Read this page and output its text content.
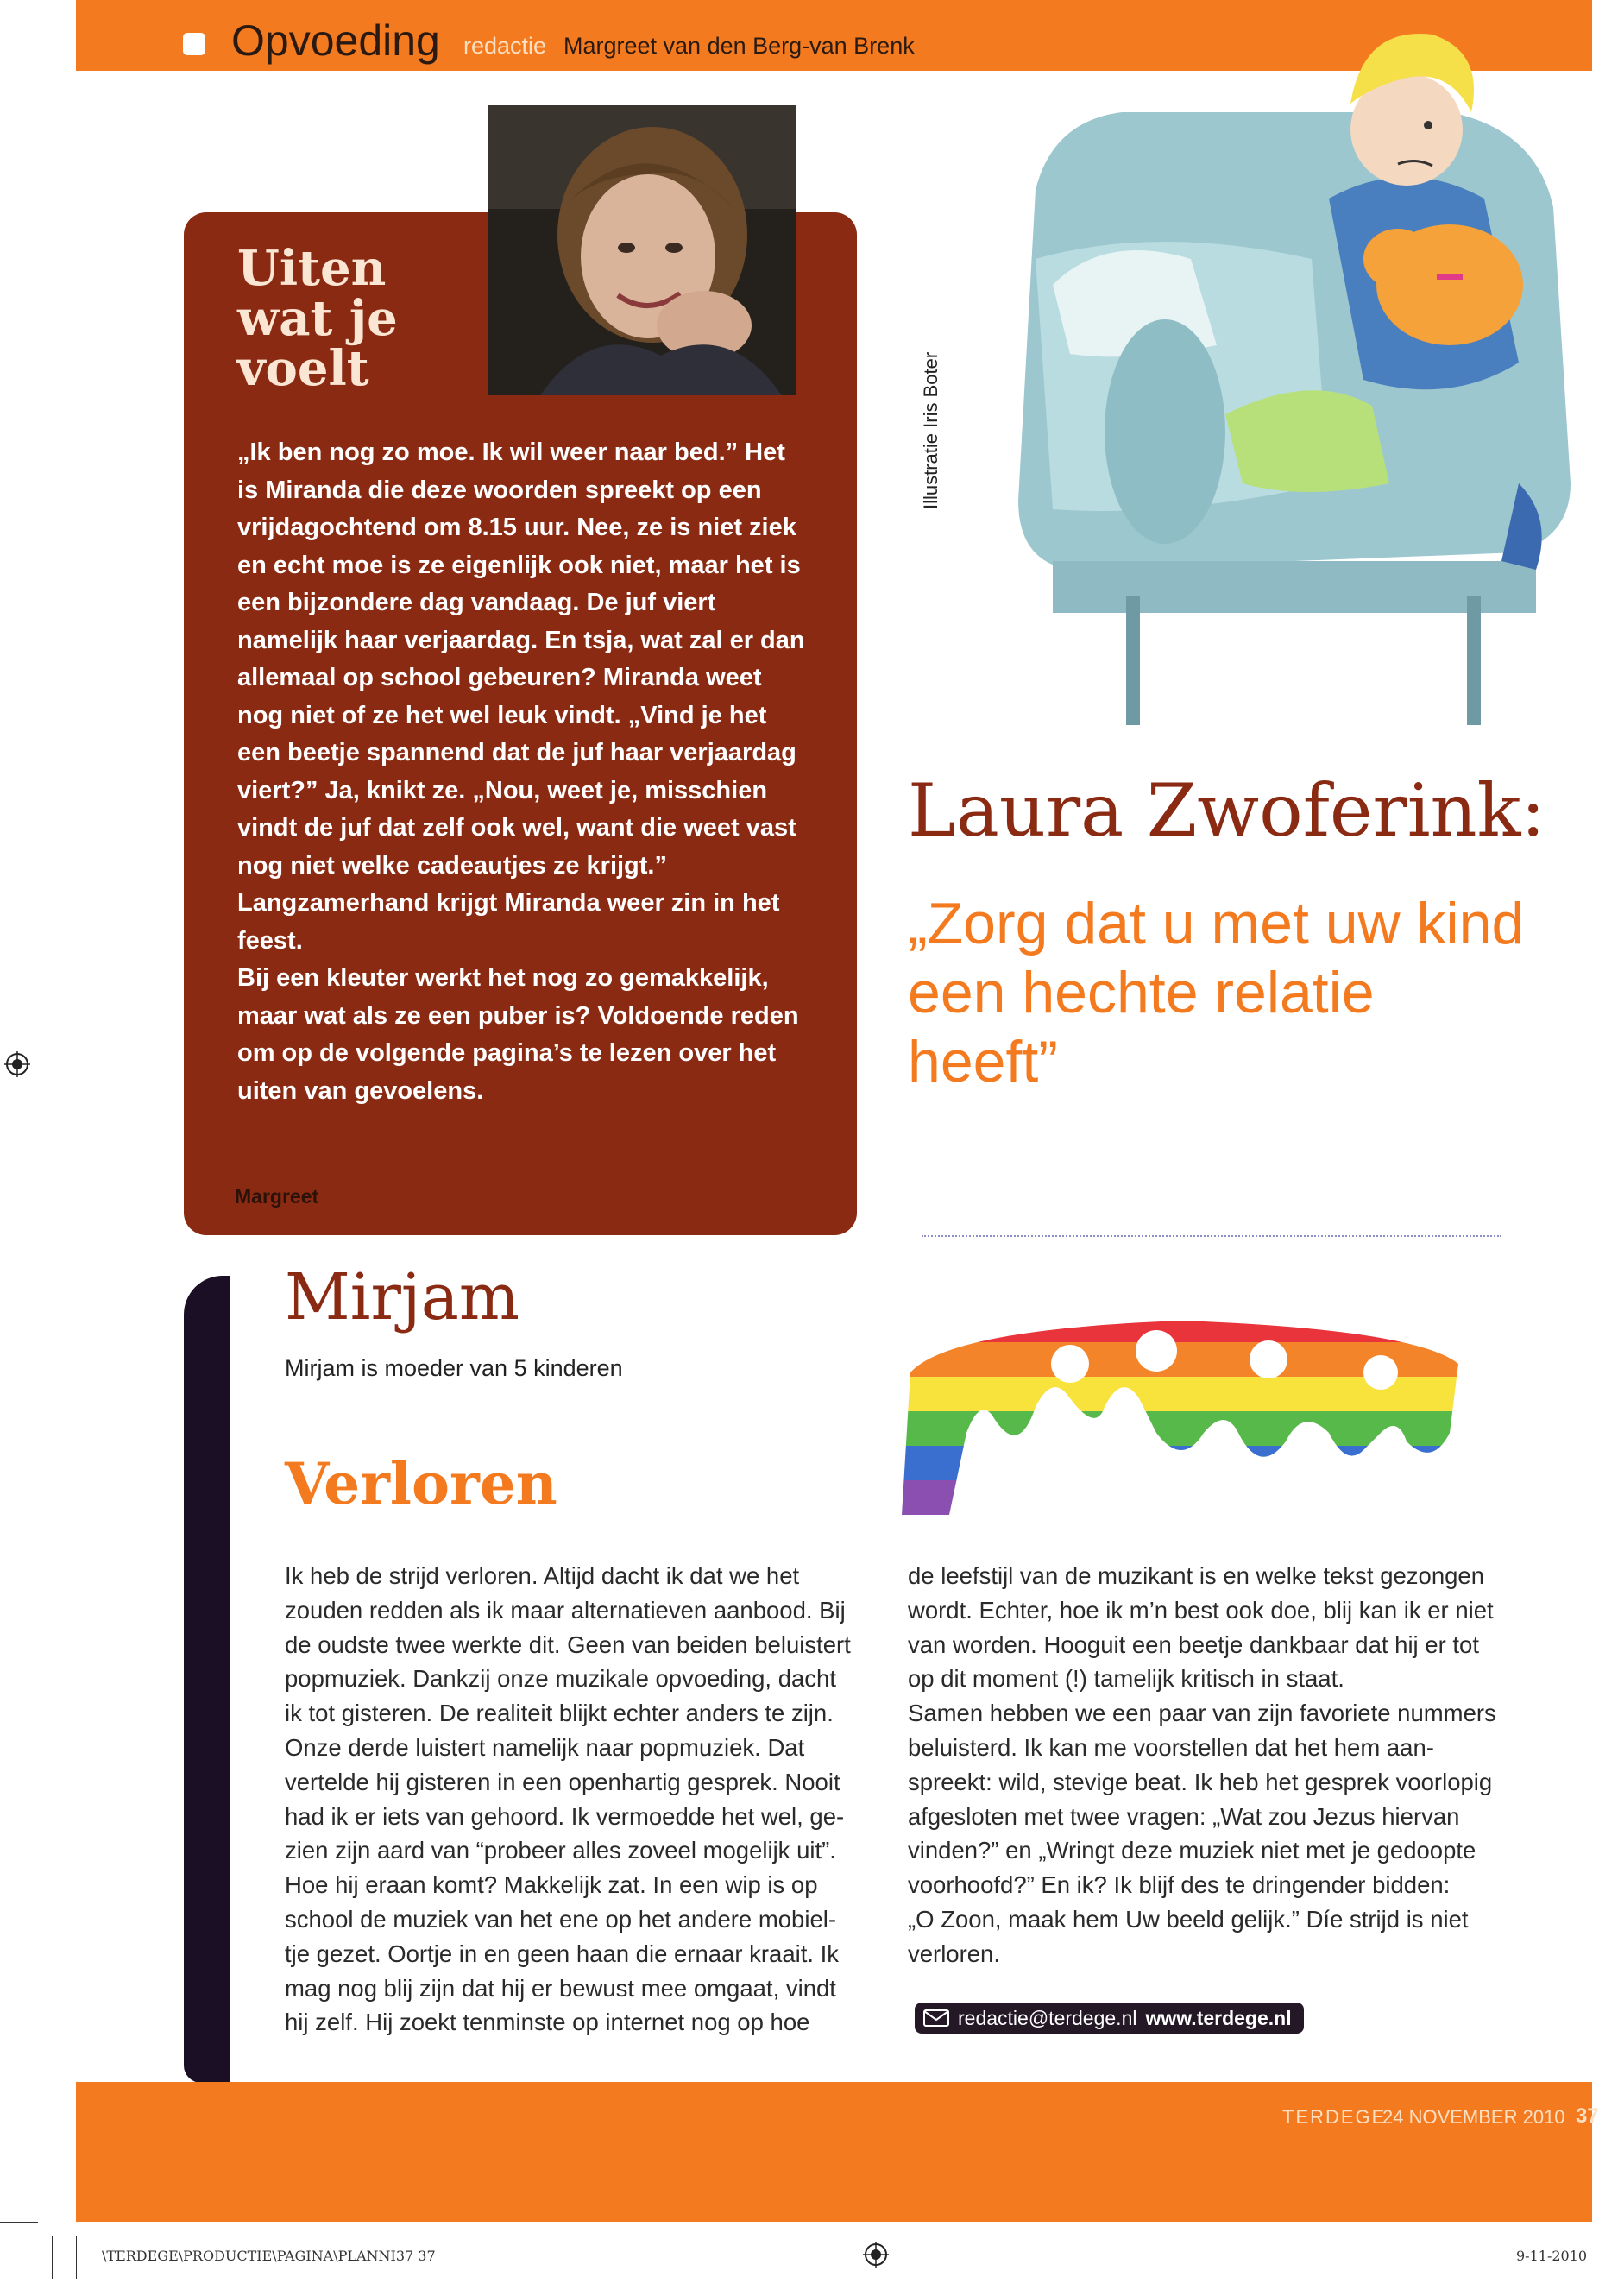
Opvoeding redactie Margreet van den Berg-van Brenk
Uiten wat je voelt

„Ik ben nog zo moe. Ik wil weer naar bed.” Het is Miranda die deze woorden spreekt op een vrijdagochtend om 8.15 uur. Nee, ze is niet ziek en echt moe is ze eigenlijk ook niet, maar het is een bijzondere dag vandaag. De juf viert namelijk haar verjaardag. En tsja, wat zal er dan allemaal op school gebeuren? Miranda weet nog niet of ze het wel leuk vindt. „Vind je het een beetje spannend dat de juf haar verjaardag viert?” Ja, knikt ze. „Nou, weet je, misschien vindt de juf dat zelf ook wel, want die weet vast nog niet welke cadeautjes ze krijgt.” Langzamerhand krijgt Miranda weer zin in het feest.

Bij een kleuter werkt het nog zo gemakkelijk, maar wat als ze een puber is? Voldoende reden om op de volgende pagina’s te lezen over het uiten van gevoelens.

Margreet
Illustratie Iris Boter
Laura Zwoferink:
„Zorg dat u met uw kind een hechte relatie heeft”
Mirjam
Mirjam is moeder van 5 kinderen
Verloren

Ik heb de strijd verloren. Altijd dacht ik dat we het

zouden redden als ik maar alternatieven aanbood. Bij

de oudste twee werkte dit. Geen van beiden beluistert

popmuziek. Dankzij onze muzikale opvoeding, dacht

ik tot gisteren. De realiteit blijkt echter anders te zijn.

Onze derde luistert namelijk naar popmuziek. Dat

vertelde hij gisteren in een openhartig gesprek. Nooit

had ik er iets van gehoord. Ik vermoedde het wel, ge-

zien zijn aard van “probeer alles zoveel mogelijk uit”.

Hoe hij eraan komt? Makkelijk zat. In een wip is op

school de muziek van het ene op het andere mobiel-

tje gezet. Oortje in en geen haan die ernaar kraait. Ik

mag nog blij zijn dat hij er bewust mee omgaat, vindt

hij zelf. Hij zoekt tenminste op internet nog op hoe

de leefstijl van de muzikant is en welke tekst gezongen

wordt. Echter, hoe ik m’n best ook doe, blij kan ik er niet

van worden. Hooguit een beetje dankbaar dat hij er tot

op dit moment (!) tamelijk kritisch in staat.

Samen hebben we een paar van zijn favoriete nummers

beluisterd. Ik kan me voorstellen dat het hem aan-

spreekt: wild, stevige beat. Ik heb het gesprek voorlopig

afgesloten met twee vragen: „Wat zou Jezus hiervan

vinden?” en „Wringt deze muziek niet met je gedoopte

voorhoofd?” En ik? Ik blijf des te dringender bidden:

„O Zoon, maak hem Uw beeld gelijk.” Díe strijd is niet

verloren.

redactie@terdege.nl www.terdege.nl
TERDEGE
24 NOVEMBER 2010 37
\TERDEGE\PRODUCTIE\PAGINA\PLANNI37 37	9-11-2010
